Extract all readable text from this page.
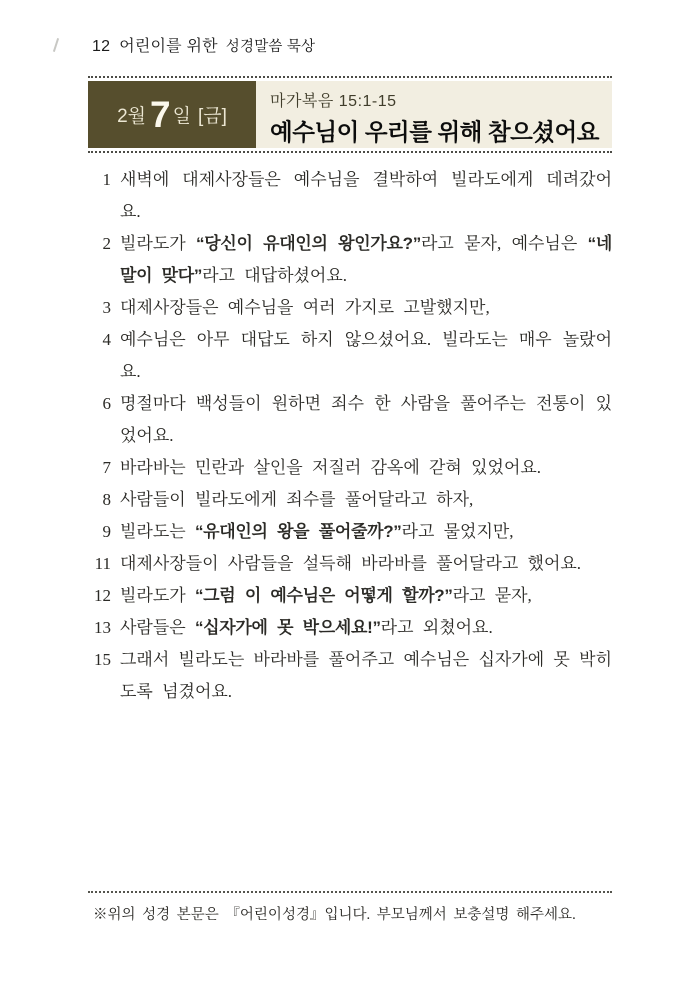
12 어린이를 위한 성경말씀 묵상
2월 7 일 [금]
마가복음 15:1-15
예수님이 우리를 위해 참으셨어요
1 새벽에 대제사장들은 예수님을 결박하여 빌라도에게 데려갔어요.
2 빌라도가 “당신이 유대인의 왕인가요?”라고 묻자, 예수님은 “네 말이 맞다”라고 대답하셨어요.
3 대제사장들은 예수님을 여러 가지로 고발했지만,
4 예수님은 아무 대답도 하지 않으셨어요. 빌라도는 매우 놀랐어요.
6 명절마다 백성들이 원하면 죄수 한 사람을 풀어주는 전통이 있었어요.
7 바라바는 민란과 살인을 저질러 감옥에 갇혀 있었어요.
8 사람들이 빌라도에게 죄수를 풀어달라고 하자,
9 빌라도는 “유대인의 왕을 풀어줄까?”라고 물었지만,
11 대제사장들이 사람들을 설득해 바라바를 풀어달라고 했어요.
12 빌라도가 “그럼 이 예수님은 어떻게 할까?”라고 묻자,
13 사람들은 “십자가에 못 박으세요!”라고 외쳤어요.
15 그래서 빌라도는 바라바를 풀어주고 예수님은 십자가에 못 박히도록 넘겼어요.
※위의 성경 본문은 『어린이성경』입니다. 부모님께서 보충설명 해주세요.
